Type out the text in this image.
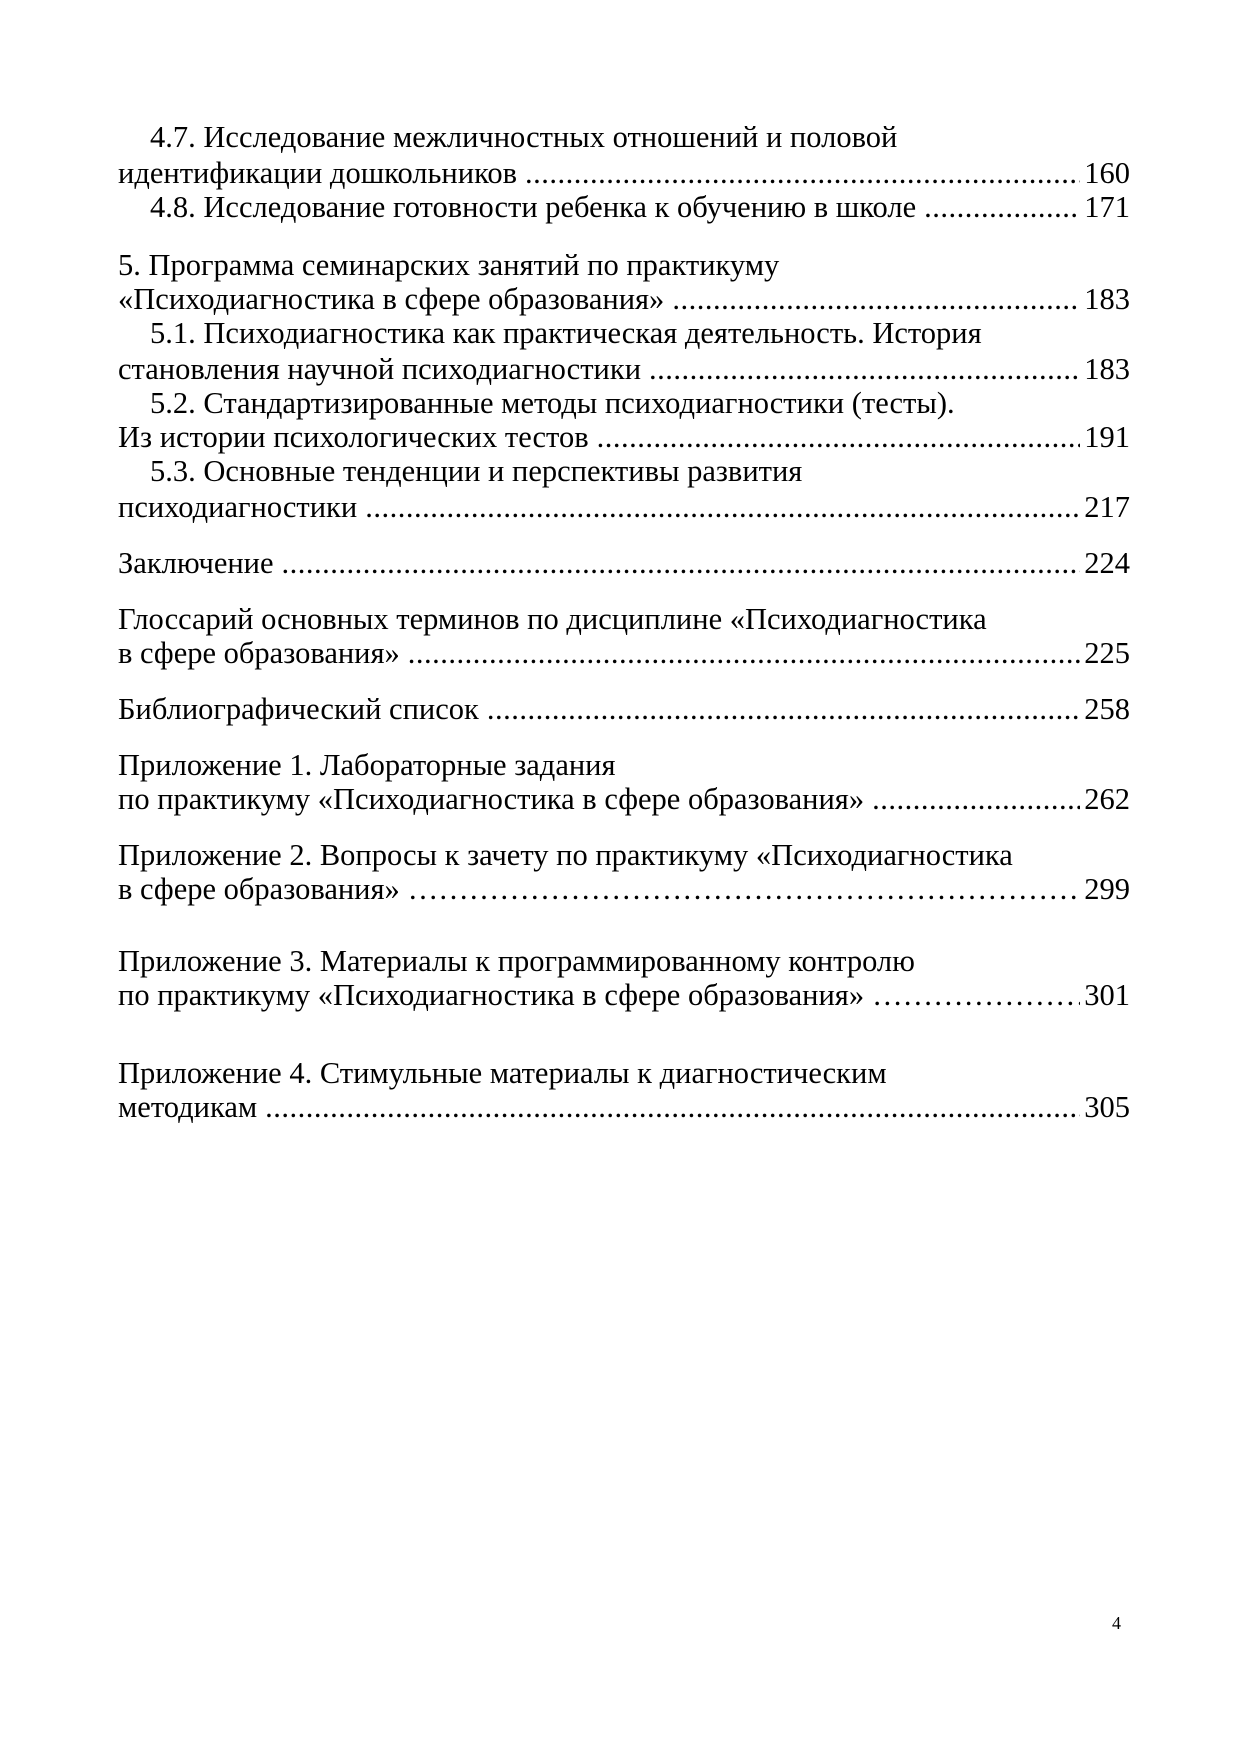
4.7. Исследование межличностных отношений и половой
идентификации дошкольников .....	160
4.8. Исследование готовности ребенка к обучению в школе .....	171
5. Программа семинарских занятий по практикуму
«Психодиагностика в сфере образования» .....	183
5.1. Психодиагностика как практическая деятельность. История
становления научной психодиагностики .....	183
5.2. Стандартизированные методы психодиагностики (тесты).
Из истории психологических тестов .....	191
5.3. Основные тенденции и перспективы развития
психодиагностики .....	217
Заключение .....	224
Глоссарий основных терминов по дисциплине «Психодиагностика
в сфере образования» .....	225
Библиографический список .....	258
Приложение 1. Лабораторные задания
по практикуму «Психодиагностика в сфере образования» .....	262
Приложение 2. Вопросы к зачету по практикуму «Психодиагностика
в сфере образования» …………………………………………………………………………………………………………………………………………………………………………………………………………………………………………………	299
Приложение 3. Материалы к программированному контролю
по практикуму «Психодиагностика в сфере образования» …………………………………………………………………………………………………………………………………………………………………………………………………………………………………………………	301
Приложение 4. Стимульные материалы к диагностическим
методикам .....	305
4
